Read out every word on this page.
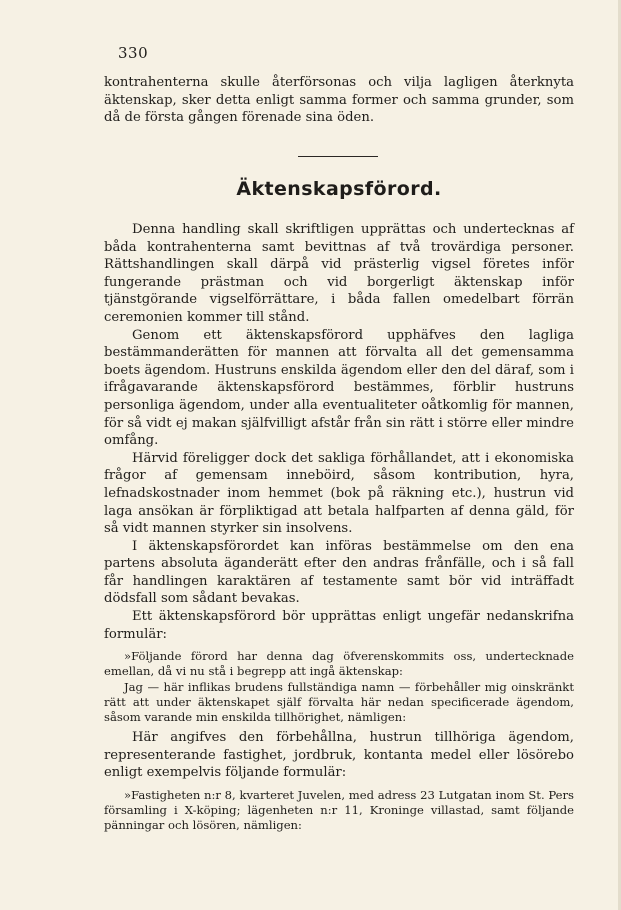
330

kontrahenterna skulle återförsonas och vilja lagligen återknyta äktenskap, sker detta enligt samma former och samma grunder, som då de första gången förenade sina öden.

Äktenskapsförord.

Denna handling skall skriftligen upprättas och undertecknas af båda kontrahenterna samt bevittnas af två trovärdiga personer. Rättshandlingen skall därpå vid prästerlig vigsel företes inför fungerande prästman och vid borgerligt äktenskap inför tjänstgörande vigselförrättare, i båda fallen omedelbart förrän ceremonien kommer till stånd.

Genom ett äktenskapsförord upphäfves den lagliga bestämmanderätten för mannen att förvalta all det gemensamma boets ägendom. Hustruns enskilda ägendom eller den del däraf, som i ifrågavarande äktenskapsförord bestämmes, förblir hustruns personliga ägendom, under alla eventualiteter oåtkomlig för mannen, för så vidt ej makan själfvilligt afstår från sin rätt i större eller mindre omfång.

Härvid föreligger dock det sakliga förhållandet, att i ekonomiska frågor af gemensam inneböird, såsom kontribution, hyra, lefnadskostnader inom hemmet (bok på räkning etc.), hustrun vid laga ansökan är förpliktigad att betala halfparten af denna gäld, för så vidt mannen styrker sin insolvens.

I äktenskapsförordet kan införas bestämmelse om den ena partens absoluta äganderätt efter den andras frånfälle, och i så fall får handlingen karaktären af testamente samt bör vid inträffadt dödsfall som sådant bevakas.

Ett äktenskapsförord bör upprättas enligt ungefär nedanskrifna formulär:

»Följande förord har denna dag öfverenskommits oss, undertecknade emellan, då vi nu stå i begrepp att ingå äktenskap:

Jag — här inflikas brudens fullständiga namn — förbehåller mig oinskränkt rätt att under äktenskapet själf förvalta här nedan specificerade ägendom, såsom varande min enskilda tillhörighet, nämligen:

Här angifves den förbehållna, hustrun tillhöriga ägendom, representerande fastighet, jordbruk, kontanta medel eller lösörebo enligt exempelvis följande formulär:

»Fastigheten n:r 8, kvarteret Juvelen, med adress 23 Lutgatan inom St. Pers församling i X-köping; lägenheten n:r 11, Kroninge villastad, samt följande pänningar och lösören, nämligen:
